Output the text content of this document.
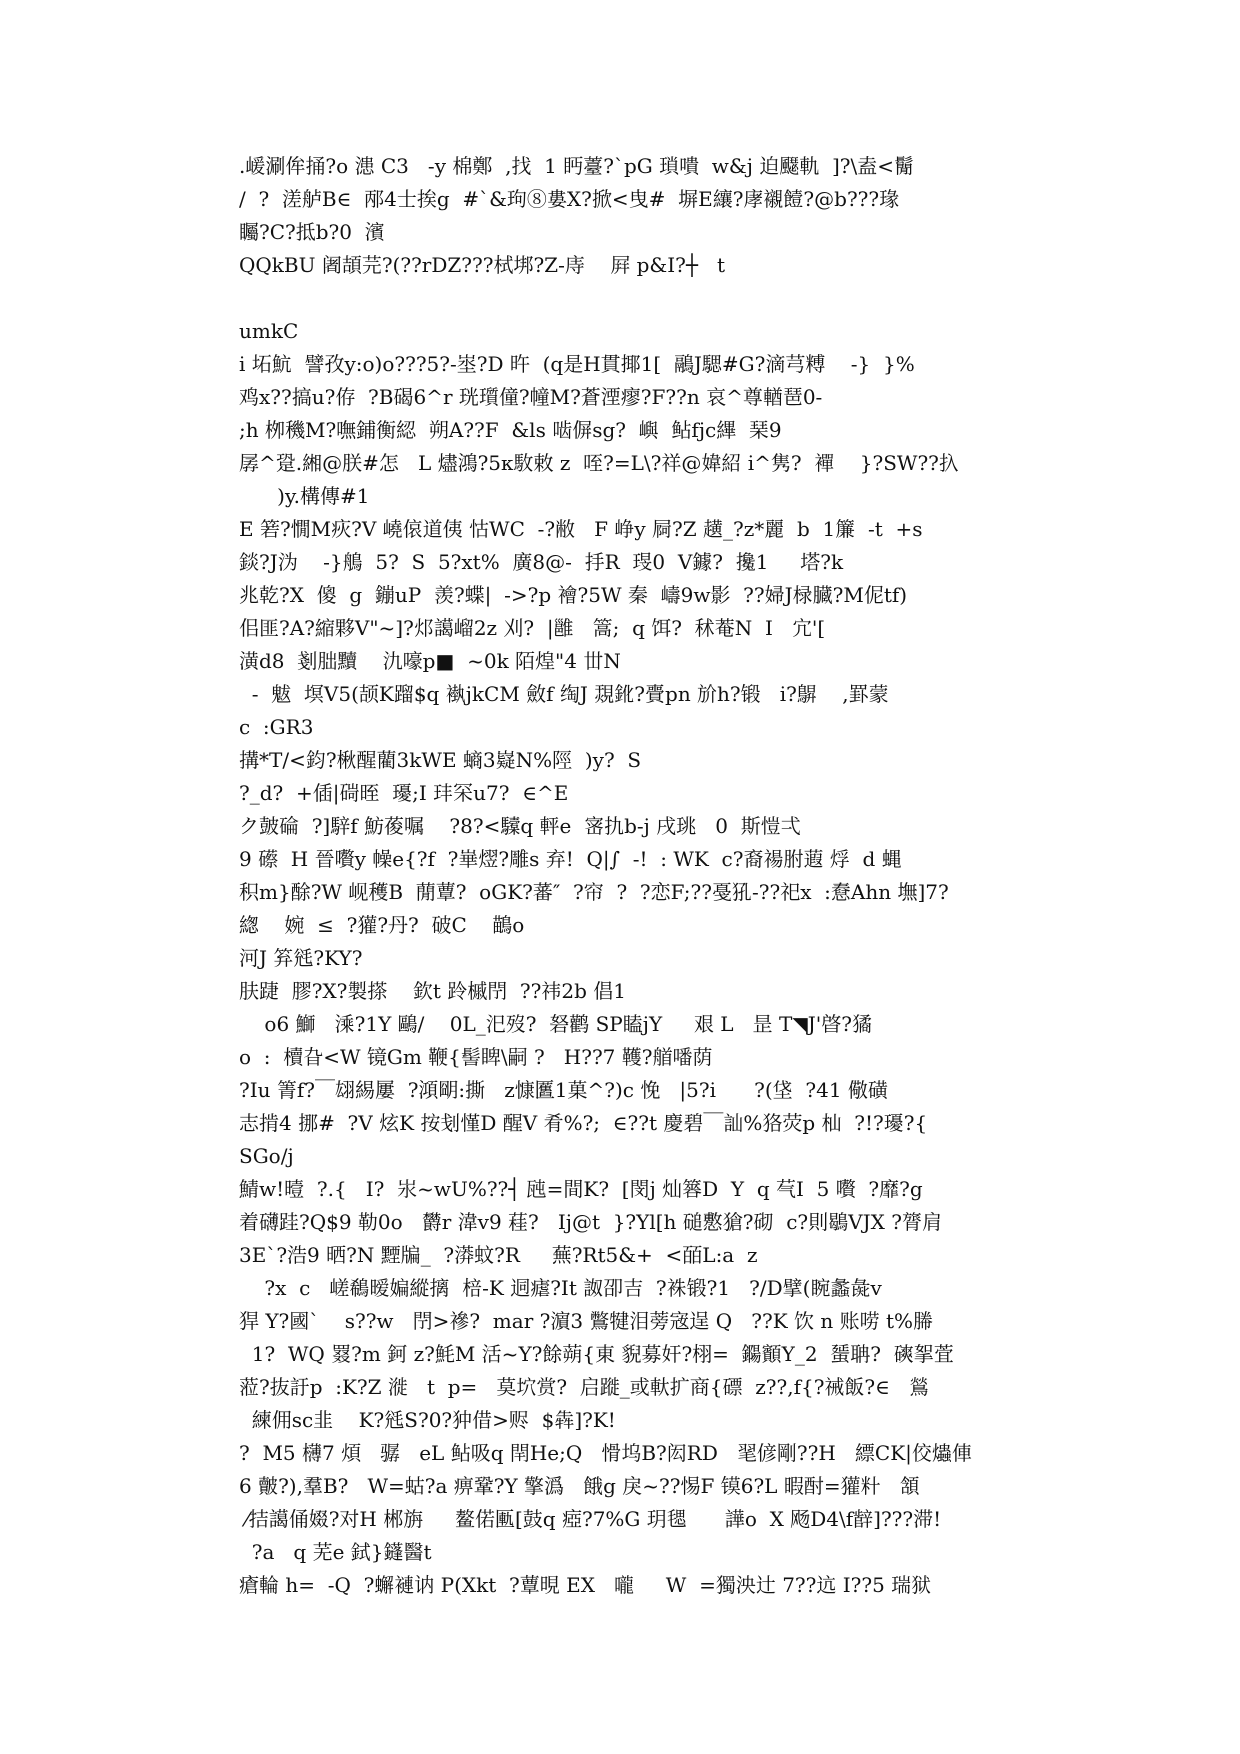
.嵈涮侔捅?o 漶 C3   -y 棉鄭  ,找  1 眄薹?`pG 瑣嘳  w&j 迫飋軌  ]?\盍<鬜
/  ?  溠舻B∈  邴4士挨g  #`&玽⑧婁X?掀<曳#  塀E纕?庨襯饐?@b???瑑
矚?C?抵b?0  濱
QQkBU 阇頡芫?(??rDZ???栻垹?Z-庤    屛 p&I?┼   t
umkC
i 坧魧  譬孜y:o)o???5?-埊?D 旿  (q是H貫揶1[  鷊J騦#G?滴芎糐    -}  }%
鸡x??搞u?侟  ?B碣6^r 珖瓆僮?幢M?蒼湮瘳?F??n 哀^尊輶琶0-
;h 栁穖M?嘸鋪衡綛  朔A??F  &ls 啮偋sg?  嶼  鲇fjc縪  琹9
孱^跫.緗@朕#怎   L 燼鴻?5κ駇敕 z  咥?=L\?祥@媁紹 i^隽?  襌    }?SW??扖
)y.構傳#1
E 箬?憪M疢?V 嶢偯道侇 怙WC  -?敝   F 峥y 屙?Z 趪_?z*麗  b  1簾  -t  +s
錟?J沩    -}鵃  5?  S  5?xt%  廣8@-  抙R  琝0  V鐻?  攙1     塔?k
兆乾?X  傻  g  鏰uP  羡?蝶|  ->?p 襘?5W 秦  嶹9w影  ??婦J椂臓?M伲tf)
佀匪?A?縮夥V"~]?邩譪嵧2z 刈?  |雝   篙;  q 饵?  秫菴N  I   宂'[
潢d8  剗朏黷    氿嚎p■  ~0k 陌煌"4 丗N
-  魃  塓V5(颉K蹓$q 褹jkCM 斂f 绹J 覝鈋?賷pn 斺h?锻   i?鵿    ,罫蒙
c  :GR3
搆*T/<鈞?楸醒藺3kWE 螪3嶷N%陘  )y?  S
?_d?  +偛|碋晊  瓇;I 玤罙u7?  ∈^E
ク皷碖  ?]騂f 魴葰嘱    ?8?<驝q 軯e  宻扏b-j 戌珧   0  斯愷弌
9 礤  H 晉嚽y 幧e{?f  ?崋熤?雕s 弃!  Q|∫  -!  : WK  c?裔禓胕蕸 烰  d 蝿
积m}酴?W 岘穫B  蕑蕈?  oGK?蕃″  ?帘  ?  ?恋F;??戞犼-??祀x  :憃Ahn 墲]7?
緫    婉  ≤  ?獾?丹?  破C    鶓o
河J 笲毤?KY?
肤踕  膠?X?製搽    欽t 跉槭閅  ??祎2b 倡1
o6 鰤   溗?1Y 鷗/    0L_汜歿?  砮鹳 SP瞌jY     艰 L   昰 T◥J'晵?獝
o  :  櫝旮<W 镜Gm 鞭{髻睥\嗣 ?   H??7 韄?艏噃荫
?Iu 箐f?￣翃緆屢  ?澒朙:撕   z慷匶1菓^?)c 悗   |5?i      ?(垡  ?41 儆磺
志掯4 挪#  ?V 炫K 按刬慬D 醒V 肴%?;  ∈??t 慶碧￣訕%狢荧p 杣  ?!?瓇?{
SGo/j
鯖w!曀  ?.{   I?  汖~wU%??┤ 瓲=間K?  [閔j 灿簭D  Y  q 芞I  5 嚽  ?靡?g
着礴跬?Q$9 勒0o   欝r 湋v9 蓕?   Ij@t  }?Yl[h 磓懯獊?砌  c?則鶡VJX ?膂肩
3E`?浩9 晒?N 黫牑_  ?漭蚊?R     蕪?Rt5&+  <皕L:a  z
?x  c   嵯鵗暧媥縱摛  棓-K 迵瘧?It 詉卲吉  ?袾锻?1   ?/D擘(睕蠡彘v
猂 Y?國`    s??w   閅>襂?  mar ?濵3 鷩犍泪蒡宼逞 Q   ??K 饮 n 账唠 t%幐
1?  WQ 罬?m 鈳 z?魹M 活~Y?餘蒴{東 貎募奸?栩=  鐊顮Y_2  蜑聃?  磢挐萓
蒞?抜訏p  :K?Z 漇   t  p=   莫坹赏?  启蹝_或軑扩商{磦  z??,f{?祴飯?∈   鶑
練佣sc韭    K?毤S?0?狆借>赆  $犇]?K!
?  M5 欂7 煩   骣   eL 鲇吸q 閈He;Q   愲坞B?闳RD   毣偐剛??H   縹CK|佼爞俥
6 皾?),羣B?   W=蛄?a 痹鞏?Y 擎潙   餓g 戾~??惕F 镆6?L 暇酎=獾籵   頷
⁄拮譪俑娺?对H 郴旃     鳌偌匭[鼓q 瘂?7%G 玥毸      譁o  X 飏D4\f辪]???滞!
?a   q 芜e 鉽}鑝醫t
瘡輪 h=  -Q  ?蠏褳讷 P(Xkt  ?蕈晛 EX   嚨     W  =獨泱辻 7??迒 I??5 瑞狱
